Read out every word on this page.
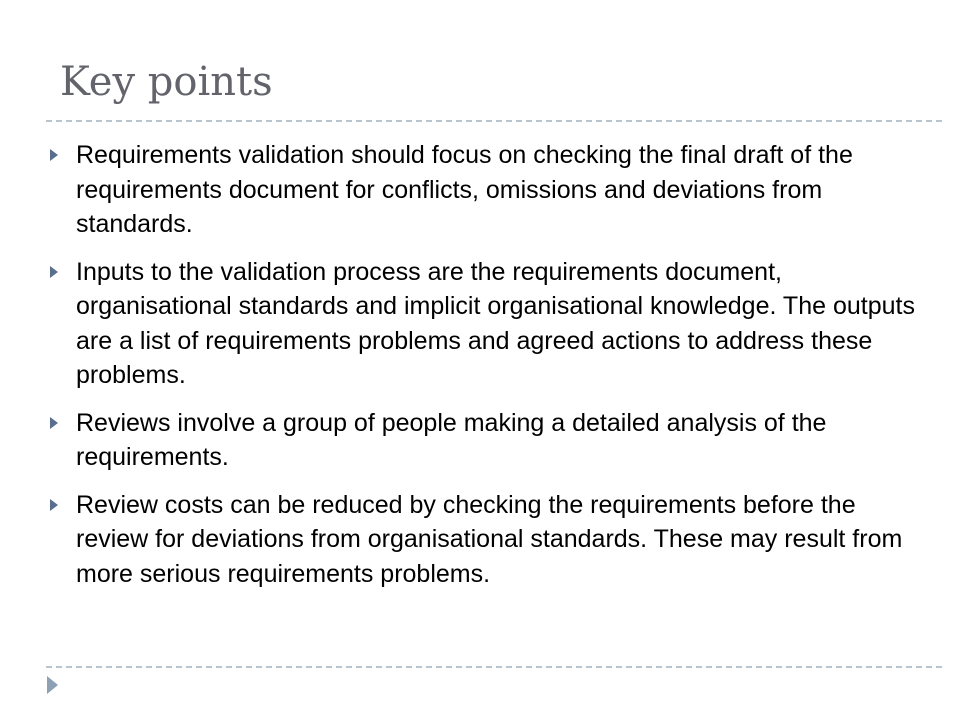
Key points
Requirements validation should focus on checking the final draft of the requirements document for conflicts, omissions and deviations from standards.
Inputs to the validation process are the requirements document, organisational standards and implicit organisational knowledge. The outputs are a list of requirements problems and agreed actions to address these problems.
Reviews involve a group of people making a detailed analysis of the requirements.
Review costs can be reduced by checking the requirements before the review for deviations from organisational standards. These may result from more serious requirements problems.
